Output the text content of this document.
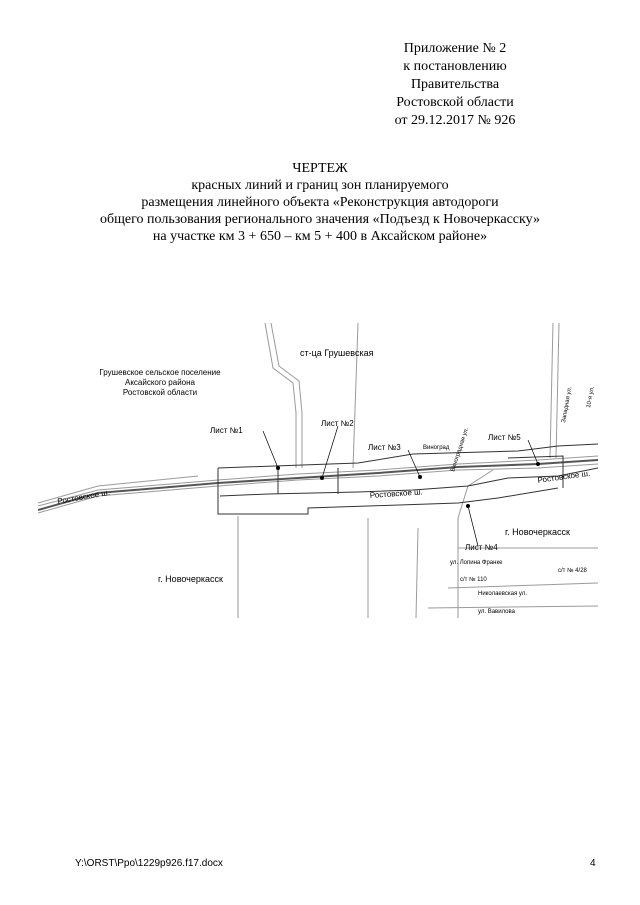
Приложение № 2
к постановлению
Правительства
Ростовской области
от 29.12.2017 № 926
ЧЕРТЕЖ
красных линий и границ зон планируемого
размещения линейного объекта «Реконструкция автодороги
общего пользования регионального значения «Подъезд к Новочеркасску»
на участке км 3 + 650 – км 5 + 400 в Аксайском районе»
ст-ца Грушевская
Грушевское сельское поселение
Аксайского района
Ростовской области
Лист №1
Лист №2
Лист №3	Виноград
Лист №5
Лист №4
Ростовское ш.	Ростовское ш.
Ростовское ш.
г. Новочеркасск
г. Новочеркасск
ул. Лопина Франке
с/т № 110
с/т № 4/28
Николаевская ул.
ул. Вавилова
Виноградная ул.
Западная ул. 10-я ул.
Y:\ORST\Ppo\1229p926.f17.docx	4
